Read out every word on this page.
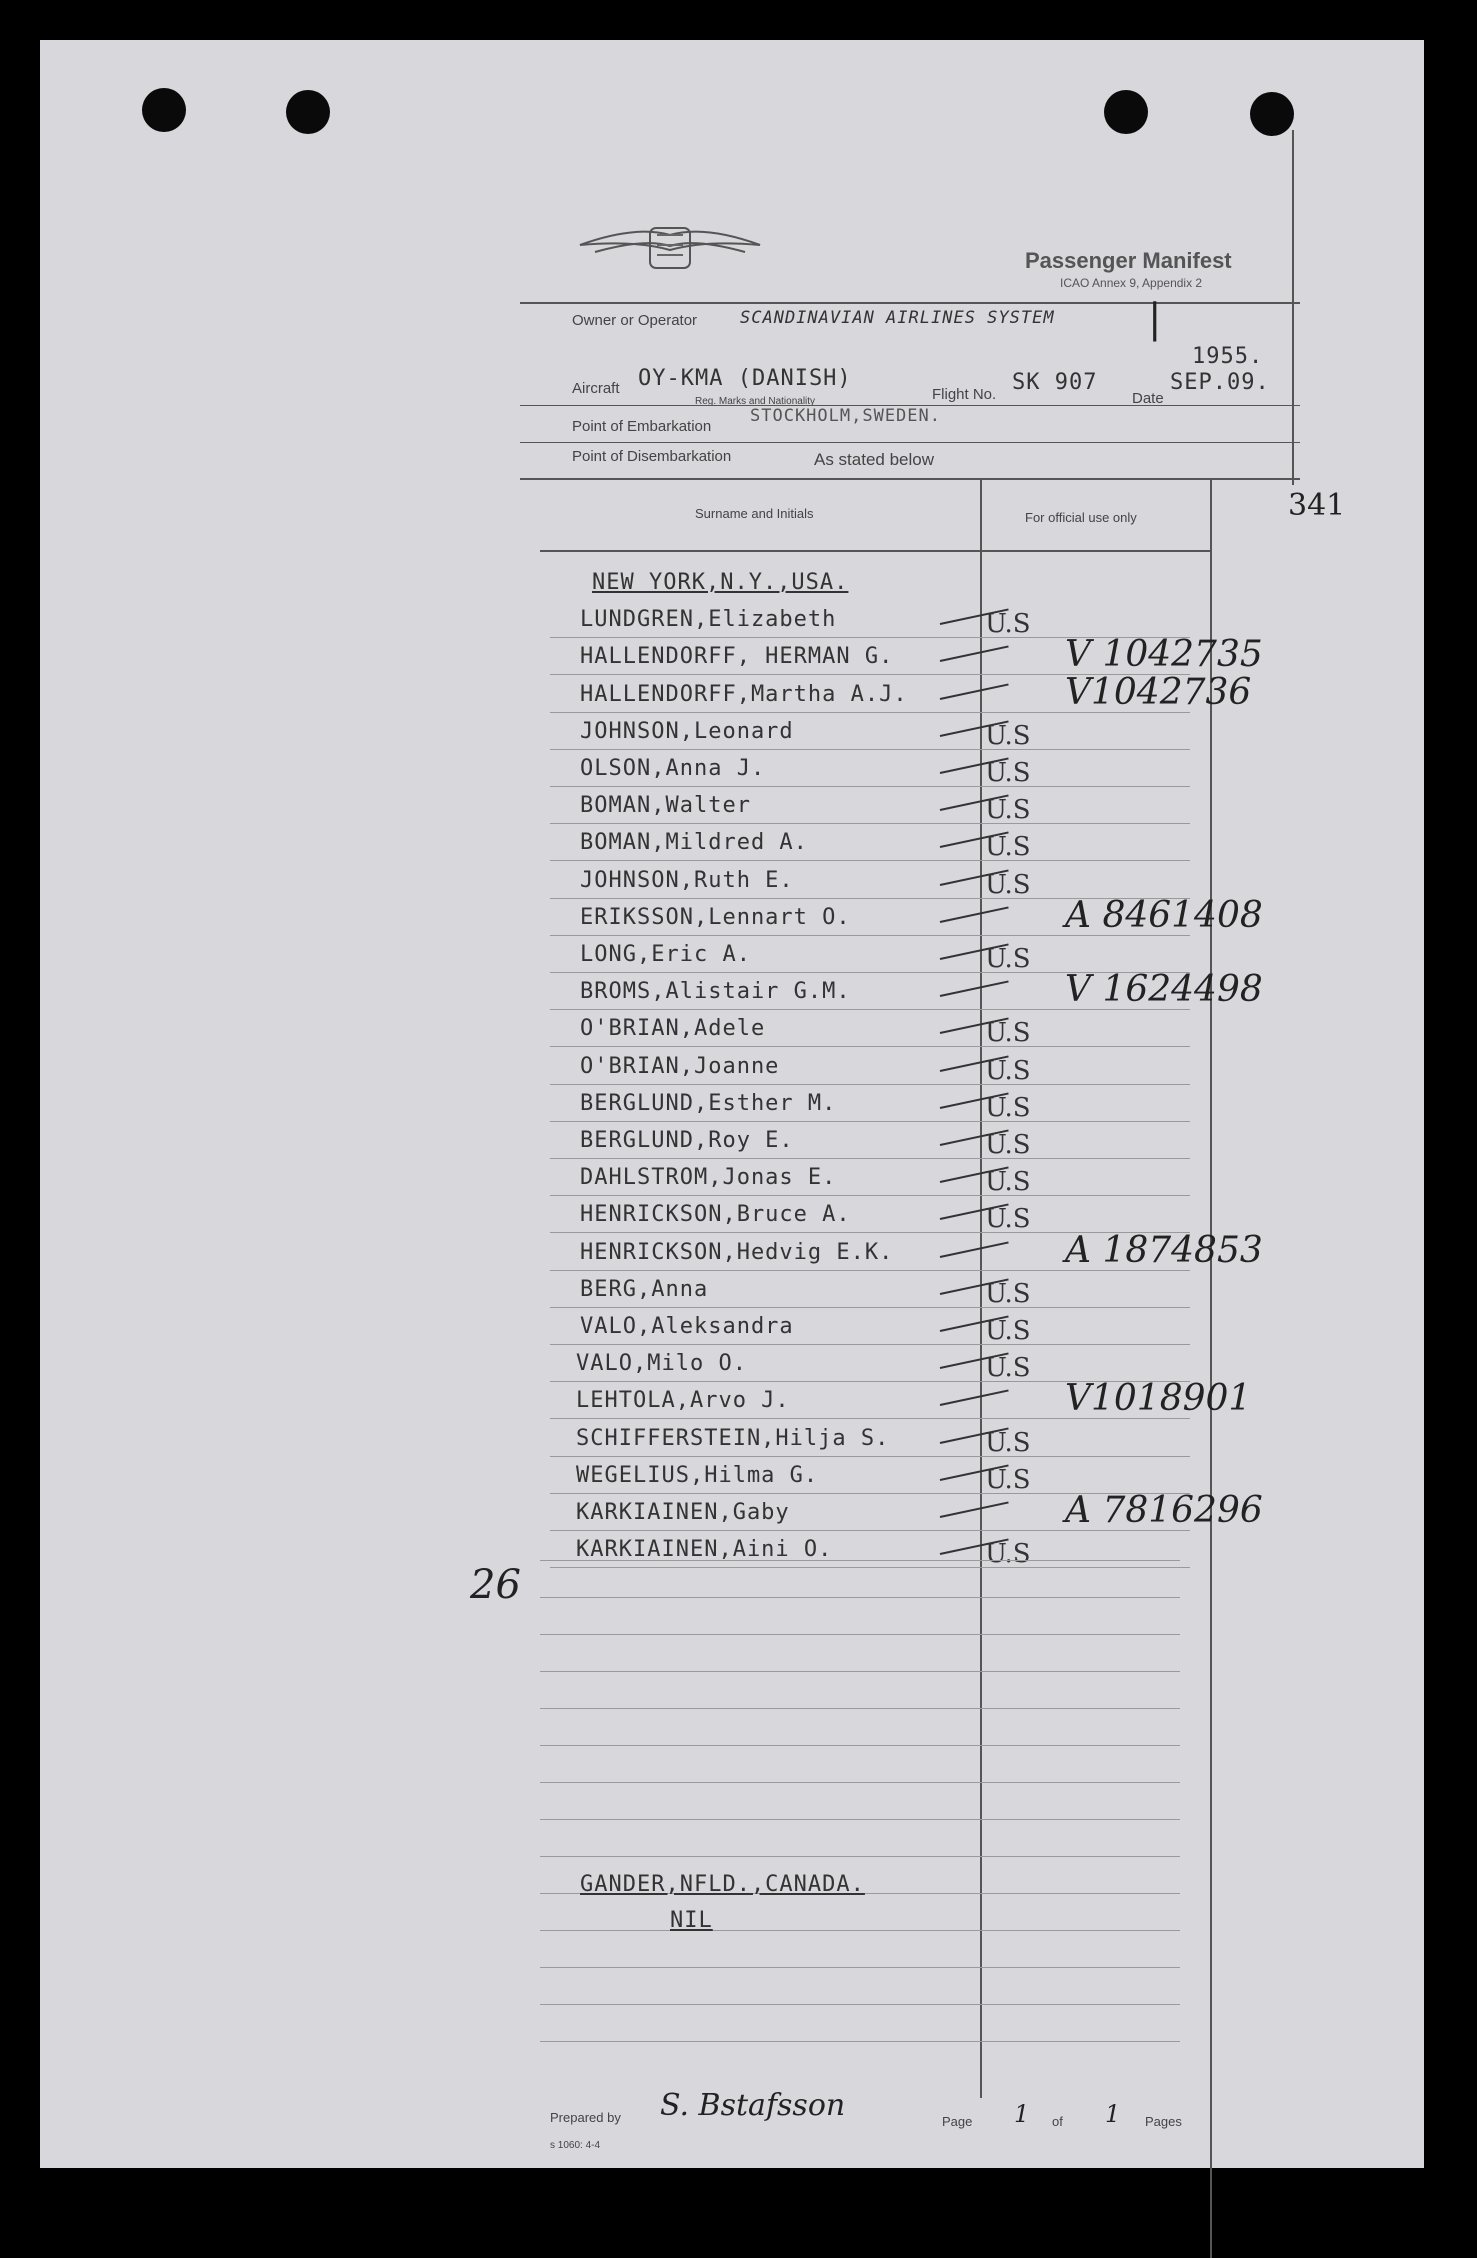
Passenger Manifest
ICAO Annex 9, Appendix 2
Owner or Operator	SCANDINAVIAN AIRLINES SYSTEM |
Aircraft OY-KMA (DANISH)
Reg. Marks and Nationality	Flight No. SK 907
Date
1955.
SEP.09.
Point of Embarkation
STOCKHOLM,SWEDEN.
Point of Disembarkation	As stated below
Surname and Initials	For official use only
NEW YORK,N.Y.,USA.
LUNDGREN,Elizabeth	U.S
HALLENDORFF, HERMAN G.	V 1042735
HALLENDORFF,Martha A.J.	V1042736
JOHNSON,Leonard	U.S
OLSON,Anna J.	U.S
BOMAN,Walter	U.S
BOMAN,Mildred A.	U.S
JOHNSON,Ruth E.	U.S
ERIKSSON,Lennart O.	A 8461408
LONG,Eric A.	U.S
BROMS,Alistair G.M.	V 1624498
O'BRIAN,Adele	U.S
O'BRIAN,Joanne	U.S
BERGLUND,Esther M.	U.S
BERGLUND,Roy E.	U.S
DAHLSTROM,Jonas E.	U.S
HENRICKSON,Bruce A.	U.S
HENRICKSON,Hedvig E.K.	A 1874853
BERG,Anna	U.S
VALO,Aleksandra	U.S
VALO,Milo O.	U.S
LEHTOLA,Arvo J.	V1018901
SCHIFFERSTEIN,Hilja S.	U.S
WEGELIUS,Hilma G.	U.S
KARKIAINEN,Gaby	A 7816296
KARKIAINEN,Aini O.	U.S
GANDER,NFLD.,CANADA.
NIL
Prepared by S. Bstafsson	Page 1 of 1 Pages
s 1060: 4-4
341
26
